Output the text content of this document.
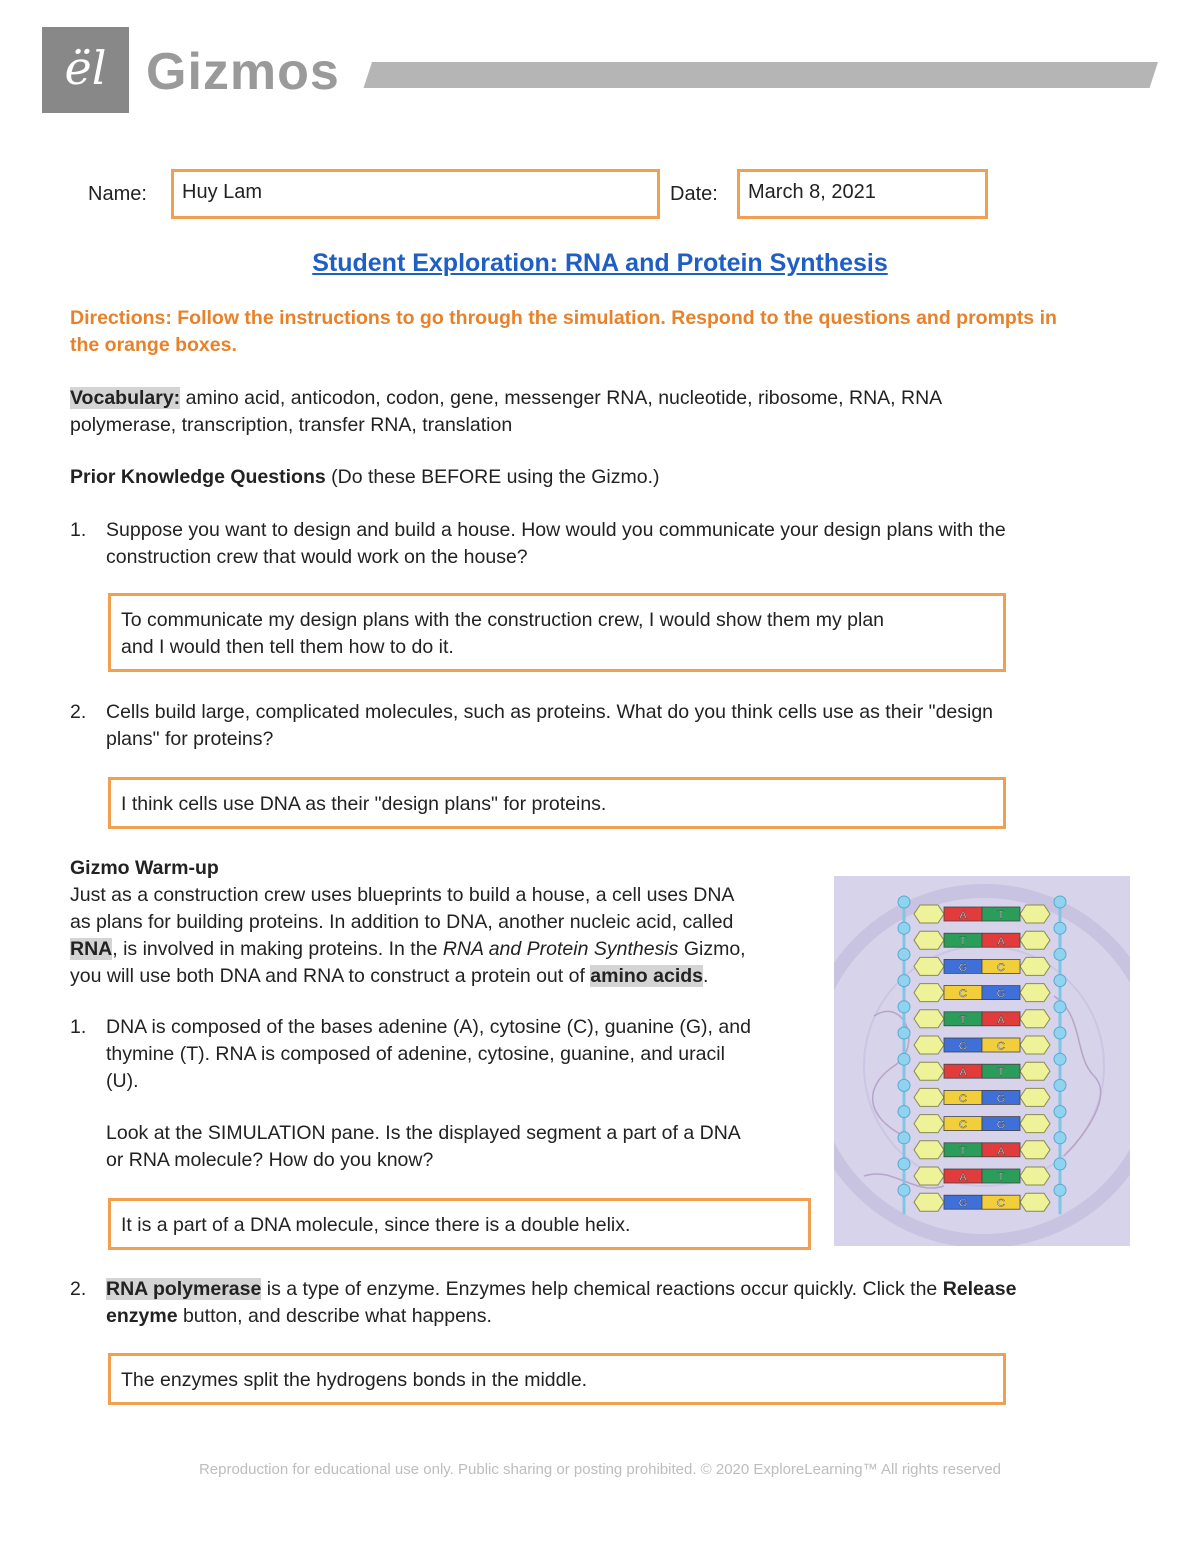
ël Gizmos
Name:	Huy Lam	Date:	March 8, 2021
Student Exploration: RNA and Protein Synthesis
Directions: Follow the instructions to go through the simulation. Respond to the questions and prompts in the orange boxes.
Vocabulary: amino acid, anticodon, codon, gene, messenger RNA, nucleotide, ribosome, RNA, RNA
polymerase, transcription, transfer RNA, translation
Prior Knowledge Questions (Do these BEFORE using the Gizmo.)
1. Suppose you want to design and build a house. How would you communicate your design plans with the
construction crew that would work on the house?
To communicate my design plans with the construction crew, I would show them my plan
and I would then tell them how to do it.
2. Cells build large, complicated molecules, such as proteins. What do you think cells use as their "design
plans" for proteins?
I think cells use DNA as their "design plans" for proteins.
Gizmo Warm-up
Just as a construction crew uses blueprints to build a house, a cell uses DNA
as plans for building proteins. In addition to DNA, another nucleic acid, called
RNA, is involved in making proteins. In the RNA and Protein Synthesis Gizmo,
you will use both DNA and RNA to construct a protein out of amino acids.
1. DNA is composed of the bases adenine (A), cytosine (C), guanine (G), and
thymine (T). RNA is composed of adenine, cytosine, guanine, and uracil
(U).
Look at the SIMULATION pane. Is the displayed segment a part of a DNA
or RNA molecule? How do you know?
It is a part of a DNA molecule, since there is a double helix.
2. RNA polymerase is a type of enzyme. Enzymes help chemical reactions occur quickly. Click the Release
enzyme button, and describe what happens.
The enzymes split the hydrogens bonds in the middle.
A	T
T	A
G	C
C	G
T	A
G	C
A	T
C	G
C	G
T	A
A	T
G	C
Reproduction for educational use only. Public sharing or posting prohibited. © 2020 ExploreLearning™ All rights reserved
